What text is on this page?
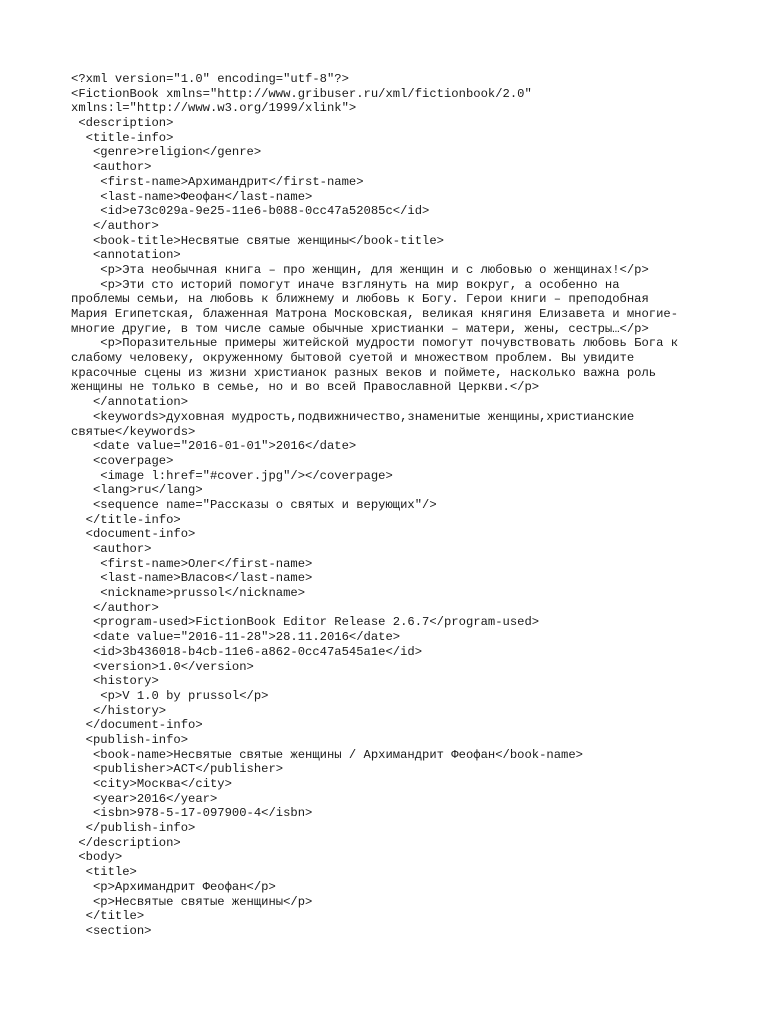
<?xml version="1.0" encoding="utf-8"?>
<FictionBook xmlns="http://www.gribuser.ru/xml/fictionbook/2.0"
xmlns:l="http://www.w3.org/1999/xlink">
<description>
<title-info>
<genre>religion</genre>
<author>
<first-name>Архимандрит</first-name>
<last-name>Феофан</last-name>
<id>e73c029a-9e25-11e6-b088-0cc47a52085c</id>
</author>
<book-title>Несвятые святые женщины</book-title>
<annotation>
<p>Эта необычная книга – про женщин, для женщин и с любовью о женщинах!</p>
<p>Эти сто историй помогут иначе взглянуть на мир вокруг, а особенно на
проблемы семьи, на любовь к ближнему и любовь к Богу. Герои книги – преподобная
Мария Египетская, блаженная Матрона Московская, великая княгиня Елизавета и многие-
многие другие, в том числе самые обычные христианки – матери, жены, сестры…</p>
<p>Поразительные примеры житейской мудрости помогут почувствовать любовь Бога к
слабому человеку, окруженному бытовой суетой и множеством проблем. Вы увидите
красочные сцены из жизни христианок разных веков и поймете, насколько важна роль
женщины не только в семье, но и во всей Православной Церкви.</p>
</annotation>
<keywords>духовная мудрость,подвижничество,знаменитые женщины,христианские
святые</keywords>
<date value="2016-01-01">2016</date>
<coverpage>
<image l:href="#cover.jpg"/></coverpage>
<lang>ru</lang>
<sequence name="Рассказы о святых и верующих"/>
</title-info>
<document-info>
<author>
<first-name>Олег</first-name>
<last-name>Власов</last-name>
<nickname>prussol</nickname>
</author>
<program-used>FictionBook Editor Release 2.6.7</program-used>
<date value="2016-11-28">28.11.2016</date>
<id>3b436018-b4cb-11e6-a862-0cc47a545a1e</id>
<version>1.0</version>
<history>
<p>V 1.0 by prussol</p>
</history>
</document-info>
<publish-info>
<book-name>Несвятые святые женщины / Архимандрит Феофан</book-name>
<publisher>АСТ</publisher>
<city>Москва</city>
<year>2016</year>
<isbn>978-5-17-097900-4</isbn>
</publish-info>
</description>
<body>
<title>
<p>Архимандрит Феофан</p>
<p>Несвятые святые женщины</p>
</title>
<section>
